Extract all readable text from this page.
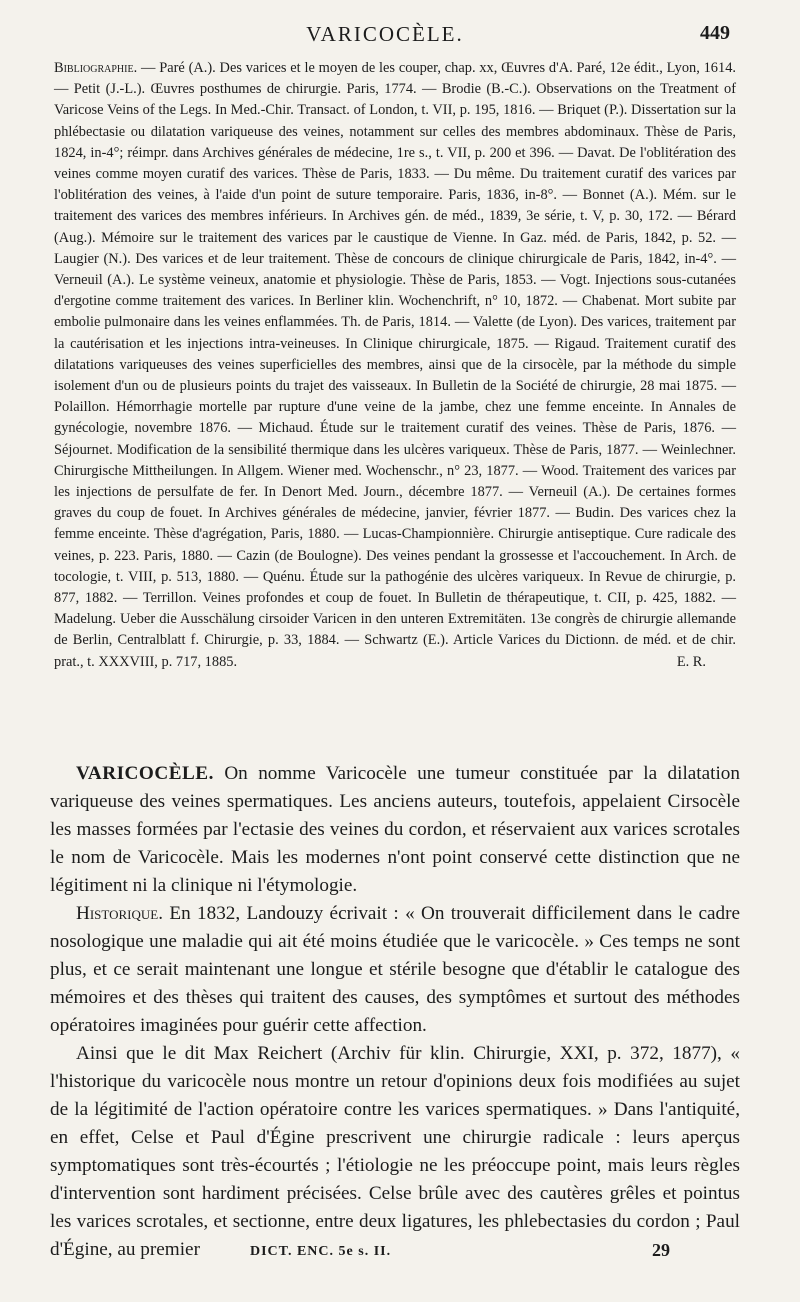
VARICOCÈLE.	449
Bibliographie. — Paré (A.). Des varices et le moyen de les couper, chap. xx, Œuvres d'A. Paré, 12e édit., Lyon, 1614. — Petit (J.-L.). Œuvres posthumes de chirurgie. Paris, 1774. — Brodie (B.-C.). Observations on the Treatment of Varicose Veins of the Legs. In Med.-Chir. Transact. of London, t. VII, p. 195, 1816. — Briquet (P.). Dissertation sur la phlébectasie ou dilatation variqueuse des veines, notamment sur celles des membres abdominaux. Thèse de Paris, 1824, in-4°; réimpr. dans Archives générales de médecine, 1re s., t. VII, p. 200 et 396. — Davat. De l'oblitération des veines comme moyen curatif des varices. Thèse de Paris, 1833. — Du même. Du traitement curatif des varices par l'oblitération des veines, à l'aide d'un point de suture temporaire. Paris, 1836, in-8°. — Bonnet (A.). Mém. sur le traitement des varices des membres inférieurs. In Archives gén. de méd., 1839, 3e série, t. V, p. 30, 172. — Bérard (Aug.). Mémoire sur le traitement des varices par le caustique de Vienne. In Gaz. méd. de Paris, 1842, p. 52. — Laugier (N.). Des varices et de leur traitement. Thèse de concours de clinique chirurgicale de Paris, 1842, in-4°. — Verneuil (A.). Le système veineux, anatomie et physiologie. Thèse de Paris, 1853. — Vogt. Injections sous-cutanées d'ergotine comme traitement des varices. In Berliner klin. Wochenchrift, n° 10, 1872. — Chabenat. Mort subite par embolie pulmonaire dans les veines enflammées. Th. de Paris, 1814. — Valette (de Lyon). Des varices, traitement par la cautérisation et les injections intra-veineuses. In Clinique chirurgicale, 1875. — Rigaud. Traitement curatif des dilatations variqueuses des veines superficielles des membres, ainsi que de la cirsocèle, par la méthode du simple isolement d'un ou de plusieurs points du trajet des vaisseaux. In Bulletin de la Société de chirurgie, 28 mai 1875. — Polaillon. Hémorrhagie mortelle par rupture d'une veine de la jambe, chez une femme enceinte. In Annales de gynécologie, novembre 1876. — Michaud. Étude sur le traitement curatif des veines. Thèse de Paris, 1876. — Séjournet. Modification de la sensibilité thermique dans les ulcères variqueux. Thèse de Paris, 1877. — Weinlechner. Chirurgische Mittheilungen. In Allgem. Wiener med. Wochenschr., n° 23, 1877. — Wood. Traitement des varices par les injections de persulfate de fer. In Denort Med. Journ., décembre 1877. — Verneuil (A.). De certaines formes graves du coup de fouet. In Archives générales de médecine, janvier, février 1877. — Budin. Des varices chez la femme enceinte. Thèse d'agrégation, Paris, 1880. — Lucas-Championnière. Chirurgie antiseptique. Cure radicale des veines, p. 223. Paris, 1880. — Cazin (de Boulogne). Des veines pendant la grossesse et l'accouchement. In Arch. de tocologie, t. VIII, p. 513, 1880. — Quénu. Étude sur la pathogénie des ulcères variqueux. In Revue de chirurgie, p. 877, 1882. — Terrillon. Veines profondes et coup de fouet. In Bulletin de thérapeutique, t. CII, p. 425, 1882. — Madelung. Ueber die Ausschälung cirsoider Varicen in den unteren Extremitäten. 13e congrès de chirurgie allemande de Berlin, Centralblatt f. Chirurgie, p. 33, 1884. — Schwartz (E.). Article Varices du Dictionn. de méd. et de chir. prat., t. XXXVIII, p. 717, 1885.	E. R.

VARICOCÈLE. On nomme Varicocèle une tumeur constituée par la dilatation variqueuse des veines spermatiques. Les anciens auteurs, toutefois, appelaient Cirsocèle les masses formées par l'ectasie des veines du cordon, et réservaient aux varices scrotales le nom de Varicocèle. Mais les modernes n'ont point conservé cette distinction que ne légitiment ni la clinique ni l'étymologie.

Historique. En 1832, Landouzy écrivait : « On trouverait difficilement dans le cadre nosologique une maladie qui ait été moins étudiée que le varicocèle. » Ces temps ne sont plus, et ce serait maintenant une longue et stérile besogne que d'établir le catalogue des mémoires et des thèses qui traitent des causes, des symptômes et surtout des méthodes opératoires imaginées pour guérir cette affection.

Ainsi que le dit Max Reichert (Archiv für klin. Chirurgie, XXI, p. 372, 1877), « l'historique du varicocèle nous montre un retour d'opinions deux fois modifiées au sujet de la légitimité de l'action opératoire contre les varices spermatiques. » Dans l'antiquité, en effet, Celse et Paul d'Égine prescrivent une chirurgie radicale : leurs aperçus symptomatiques sont très-écourtés ; l'étiologie ne les préoccupe point, mais leurs règles d'intervention sont hardiment précisées. Celse brûle avec des cautères grêles et pointus les varices scrotales, et sectionne, entre deux ligatures, les phlebectasies du cordon ; Paul d'Égine, au premier	DICT. ENC. 5e s. II.	29
